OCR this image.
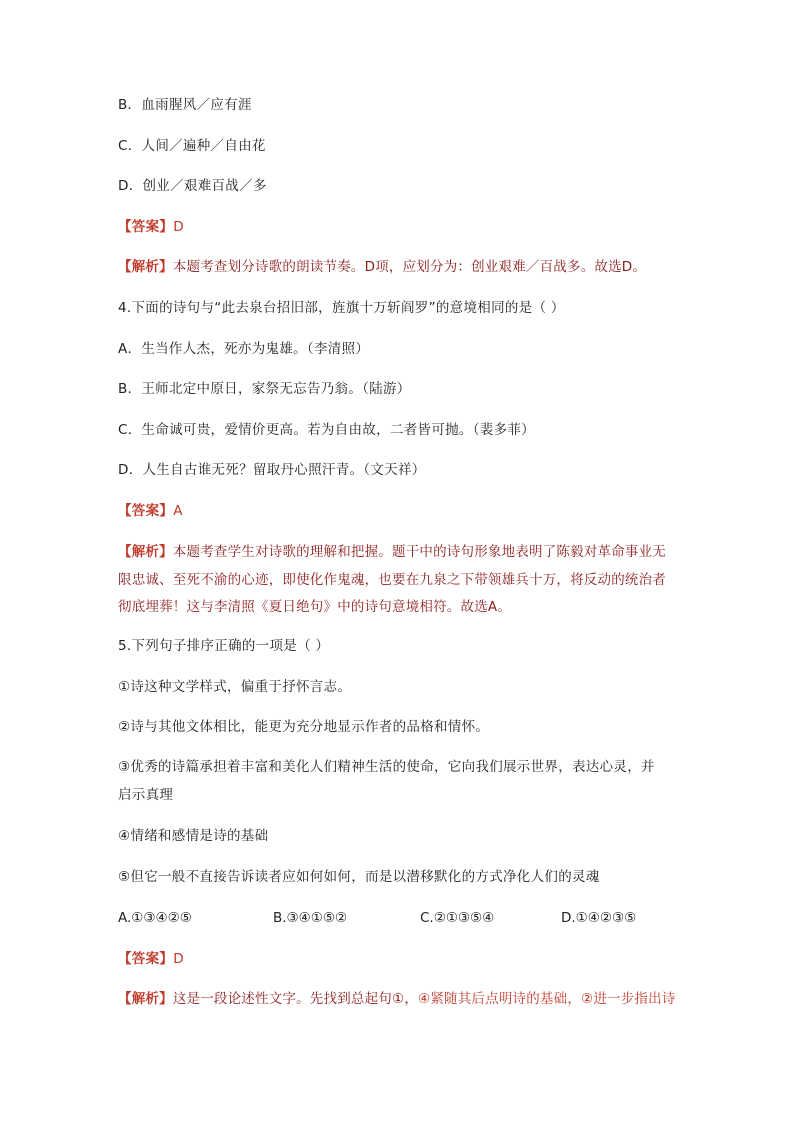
B．血雨腥风／应有涯
C．人间／遍种／自由花
D．创业／艰难百战／多
【答案】D
【解析】本题考查划分诗歌的朗读节奏。D项，应划分为：创业艰难／百战多。故选D。
4.下面的诗句与“此去泉台招旧部，旌旗十万斩阎罗”的意境相同的是（ ）
A．生当作人杰，死亦为鬼雄。（李清照）
B．王师北定中原日，家祭无忘告乃翁。（陆游）
C．生命诚可贵，爱情价更高。若为自由故，二者皆可抛。（裴多菲）
D．人生自古谁无死？留取丹心照汗青。（文天祥）
【答案】A
【解析】本题考查学生对诗歌的理解和把握。题干中的诗句形象地表明了陈毅对革命事业无
限忠诚、至死不渝的心迹，即使化作鬼魂，也要在九泉之下带领雄兵十万，将反动的统治者
彻底埋葬！这与李清照《夏日绝句》中的诗句意境相符。故选A。
5.下列句子排序正确的一项是（ ）
①诗这种文学样式，偏重于抒怀言志。
②诗与其他文体相比，能更为充分地显示作者的品格和情怀。
③优秀的诗篇承担着丰富和美化人们精神生活的使命，它向我们展示世界，表达心灵，并
启示真理
④情绪和感情是诗的基础
⑤但它一般不直接告诉读者应如何如何，而是以潜移默化的方式净化人们的灵魂
A.①③④②⑤	B.③④①⑤②	C.②①③⑤④	D.①④②③⑤
【答案】D
【解析】这是一段论述性文字。先找到总起句①，④紧随其后点明诗的基础，②进一步指出诗
